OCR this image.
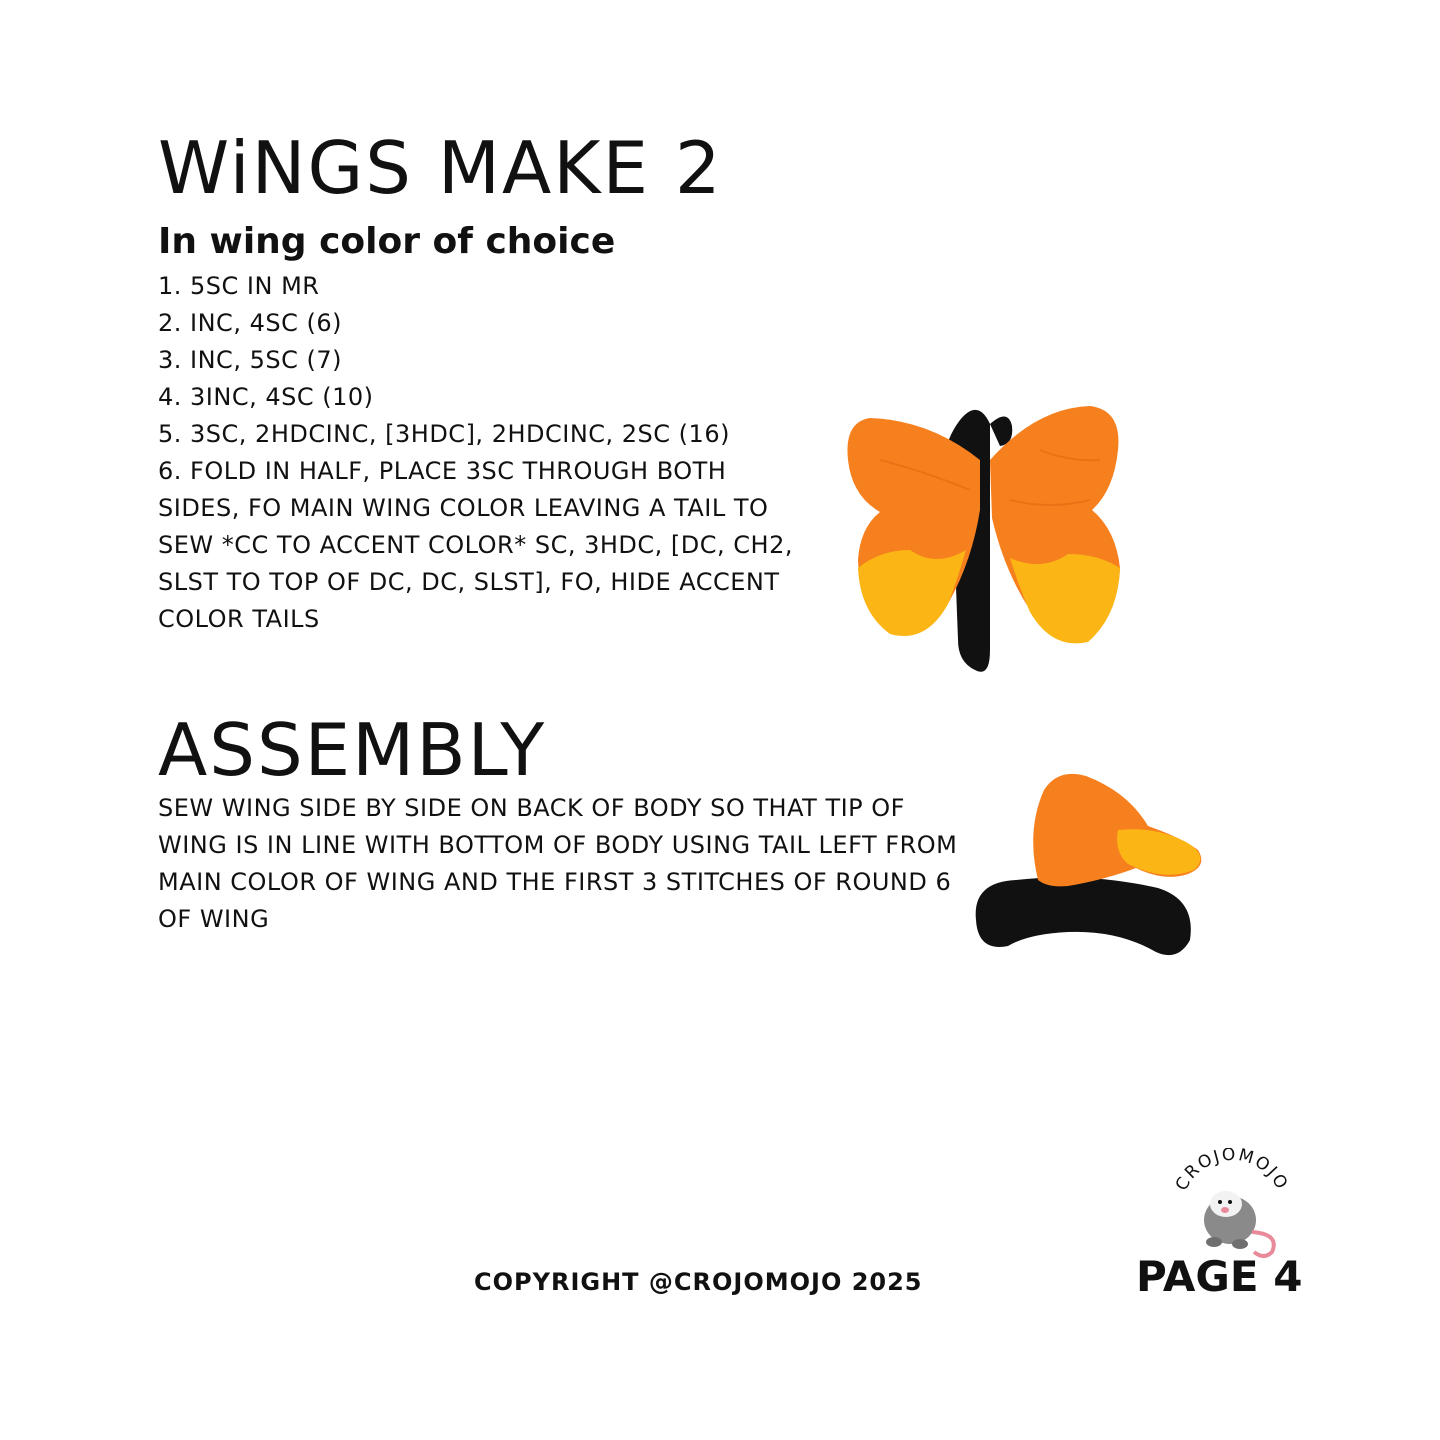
WiNGS MAKE 2
In wing color of choice
1. 5SC IN MR
2. INC, 4SC (6)
3. INC, 5SC (7)
4. 3INC, 4SC (10)
5. 3SC, 2HDCINC, [3HDC], 2HDCINC, 2SC (16)
6. FOLD IN HALF, PLACE 3SC THROUGH BOTH SIDES, FO MAIN WING COLOR LEAVING A TAIL TO SEW *CC TO ACCENT COLOR* SC, 3HDC, [DC, CH2, SLST TO TOP OF DC, DC, SLST], FO, HIDE ACCENT COLOR TAILS
ASSEMBLY

SEW WING SIDE BY SIDE ON BACK OF BODY SO THAT TIP OF WING IS IN LINE WITH BOTTOM OF BODY USING TAIL LEFT FROM MAIN COLOR OF WING AND THE FIRST 3 STITCHES OF ROUND 6 OF WING

COPYRIGHT @CROJOMOJO 2025

CROJOMOJO

PAGE 4
